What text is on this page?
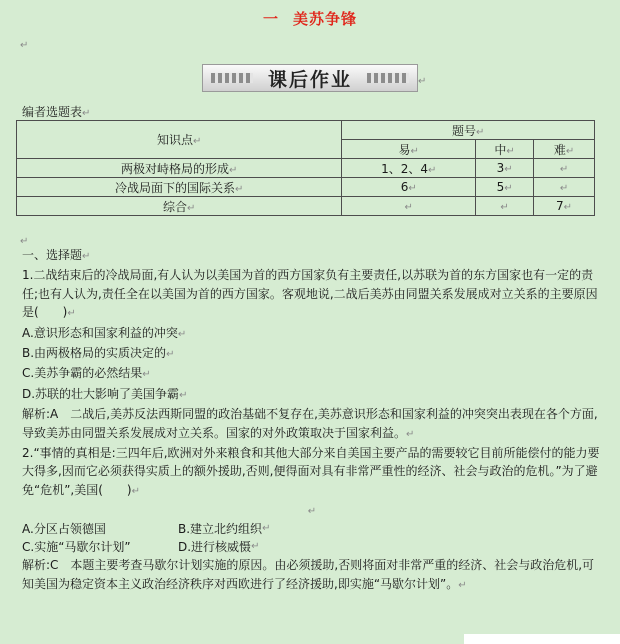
一 美苏争锋
↵
课后作业	↵
编者选题表↵
知识点↵	题号↵		
	易↵	中↵	难↵
两极对峙格局的形成↵	1、2、4↵	3↵	↵
冷战局面下的国际关系↵	6↵	5↵	↵
综合↵	↵	↵	7↵
↵

一、选择题↵

1.二战结束后的冷战局面,有人认为以美国为首的西方国家负有主要责任,以苏联为首的东方国家也有一定的责任;也有人认为,责任全在以美国为首的西方国家。客观地说,二战后美苏由同盟关系发展成对立关系的主要原因是(　　)↵

A.意识形态和国家利益的冲突↵

B.由两极格局的实质决定的↵

C.美苏争霸的必然结果↵

D.苏联的壮大影响了美国争霸↵

解析:A　二战后,美苏反法西斯同盟的政治基础不复存在,美苏意识形态和国家利益的冲突突出表现在各个方面,导致美苏由同盟关系发展成对立关系。国家的对外政策取决于国家利益。↵

2.“事情的真相是:三四年后,欧洲对外来粮食和其他大部分来自美国主要产品的需要较它目前所能偿付的能力要大得多,因而它必须获得实质上的额外援助,否则,便得面对具有非常严重性的经济、社会与政治的危机。”为了避免“危机”,美国(　　)↵

↵

A.分区占领德国	B.建立北约组织 ↵

C.实施“马歇尔计划”	D.进行核威慑 ↵

解析:C　本题主要考查马歇尔计划实施的原因。由必须援助,否则将面对非常严重的经济、社会与政治危机,可知美国为稳定资本主义政治经济秩序对西欧进行了经济援助,即实施“马歇尔计划”。↵
